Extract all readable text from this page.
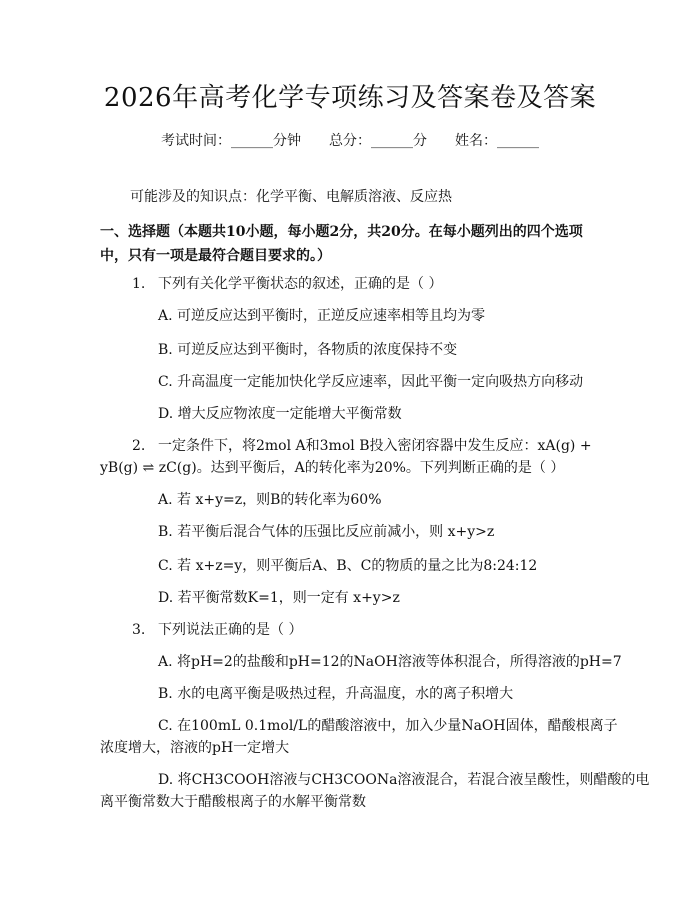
2026年高考化学专项练习及答案卷及答案
考试时间：______分钟 总分：______分 姓名：______
可能涉及的知识点：化学平衡、电解质溶液、反应热
一、选择题（本题共10小题，每小题2分，共20分。在每小题列出的四个选项
中，只有一项是最符合题目要求的。）
1. 下列有关化学平衡状态的叙述，正确的是（ ）
A. 可逆反应达到平衡时，正逆反应速率相等且均为零
B. 可逆反应达到平衡时，各物质的浓度保持不变
C. 升高温度一定能加快化学反应速率，因此平衡一定向吸热方向移动
D. 增大反应物浓度一定能增大平衡常数
2. 一定条件下，将2mol A和3mol B投入密闭容器中发生反应：xA(g) +
yB(g) ⇌ zC(g)。达到平衡后，A的转化率为20%。下列判断正确的是（ ）
A. 若 x+y=z，则B的转化率为60%
B. 若平衡后混合气体的压强比反应前减小，则 x+y>z
C. 若 x+z=y，则平衡后A、B、C的物质的量之比为8:24:12
D. 若平衡常数K=1，则一定有 x+y>z
3. 下列说法正确的是（ ）
A. 将pH=2的盐酸和pH=12的NaOH溶液等体积混合，所得溶液的pH=7
B. 水的电离平衡是吸热过程，升高温度，水的离子积增大
C. 在100mL 0.1mol/L的醋酸溶液中，加入少量NaOH固体，醋酸根离子
浓度增大，溶液的pH一定增大
D. 将CH3COOH溶液与CH3COONa溶液混合，若混合液呈酸性，则醋酸的电
离平衡常数大于醋酸根离子的水解平衡常数
